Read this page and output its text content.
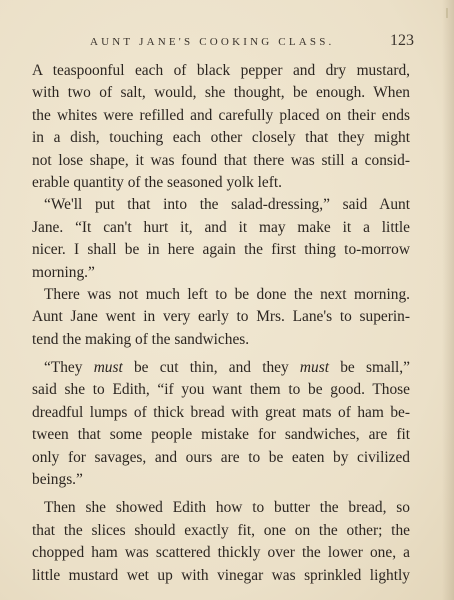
AUNT JANE'S COOKING CLASS.	123
A teaspoonful each of black pepper and dry mustard,
with two of salt, would, she thought, be enough. When
the whites were refilled and carefully placed on their ends
in a dish, touching each other closely that they might
not lose shape, it was found that there was still a consid-
erable quantity of the seasoned yolk left.
“We'll put that into the salad-dressing,” said Aunt
Jane. “It can't hurt it, and it may make it a little
nicer. I shall be in here again the first thing to-morrow
morning.”
There was not much left to be done the next morning.
Aunt Jane went in very early to Mrs. Lane's to superin-
tend the making of the sandwiches.
“They must be cut thin, and they must be small,”
said she to Edith, “if you want them to be good. Those
dreadful lumps of thick bread with great mats of ham be-
tween that some people mistake for sandwiches, are fit
only for savages, and ours are to be eaten by civilized
beings.”
Then she showed Edith how to butter the bread, so
that the slices should exactly fit, one on the other; the
chopped ham was scattered thickly over the lower one, a
little mustard wet up with vinegar was sprinkled lightly
